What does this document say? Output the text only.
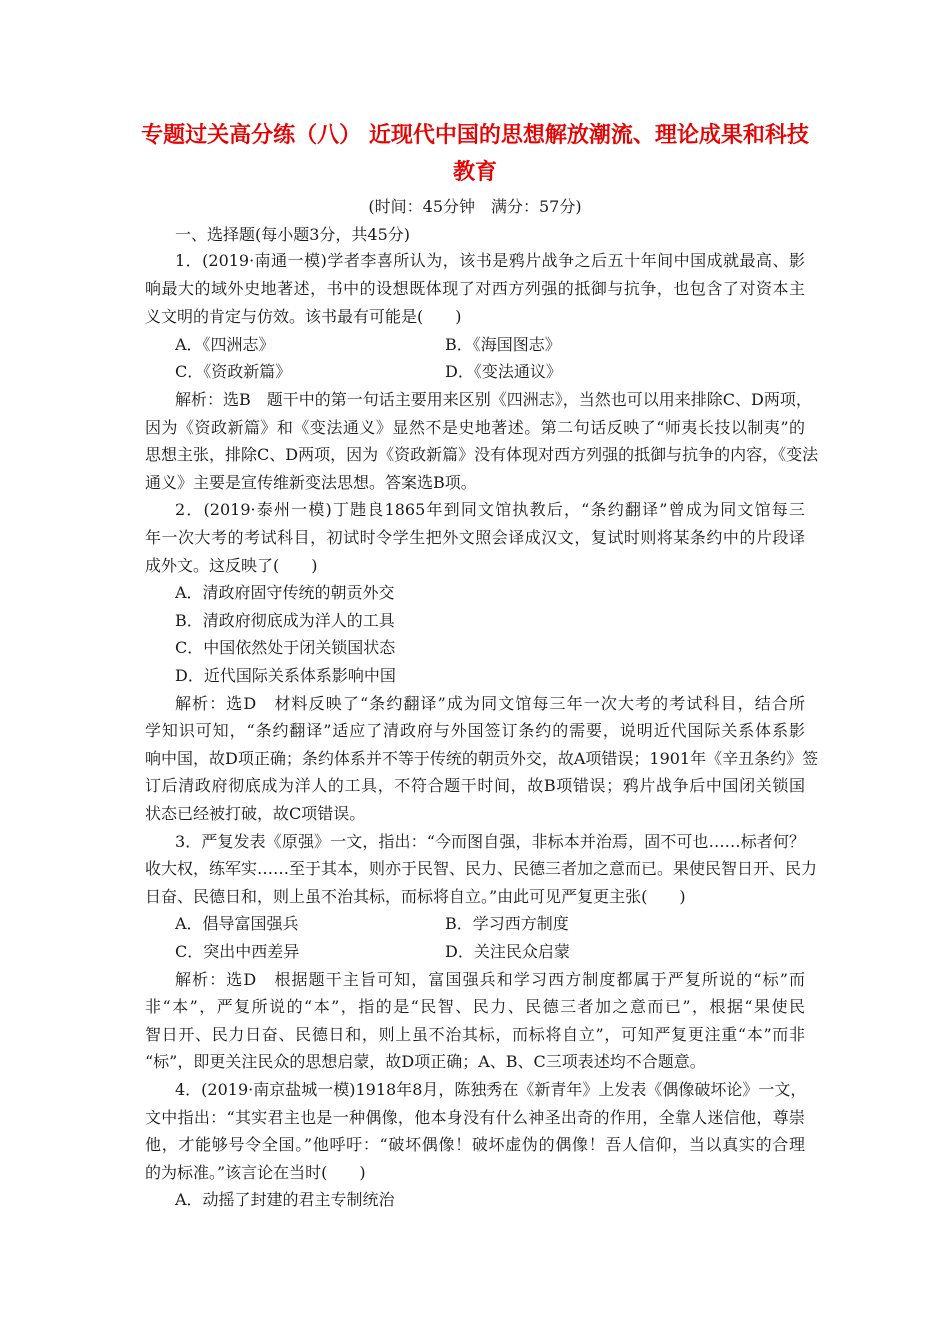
专题过关高分练（八） 近现代中国的思想解放潮流、理论成果和科技
教育
(时间：45分钟　满分：57分)
一、选择题(每小题3分，共45分)
1．(2019·南通一模)学者李喜所认为，该书是鸦片战争之后五十年间中国成就最高、影
响最大的域外史地著述，书中的设想既体现了对西方列强的抵御与抗争，也包含了对资本主
义文明的肯定与仿效。该书最有可能是(　　)
A．《四洲志》	B．《海国图志》
C．《资政新篇》	D．《变法通议》
解析：选B　题干中的第一句话主要用来区别《四洲志》，当然也可以用来排除C、D两项，
因为《资政新篇》和《变法通义》显然不是史地著述。第二句话反映了“师夷长技以制夷”的
思想主张，排除C、D两项，因为《资政新篇》没有体现对西方列强的抵御与抗争的内容，《变法
通义》主要是宣传维新变法思想。答案选B项。
2．(2019·泰州一模)丁韪良1865年到同文馆执教后，“条约翻译”曾成为同文馆每三
年一次大考的考试科目，初试时令学生把外文照会译成汉文，复试时则将某条约中的片段译
成外文。这反映了(　　)
A．清政府固守传统的朝贡外交
B．清政府彻底成为洋人的工具
C．中国依然处于闭关锁国状态
D．近代国际关系体系影响中国
解析：选D　材料反映了“条约翻译”成为同文馆每三年一次大考的考试科目，结合所
学知识可知，“条约翻译”适应了清政府与外国签订条约的需要，说明近代国际关系体系影
响中国，故D项正确；条约体系并不等于传统的朝贡外交，故A项错误；1901年《辛丑条约》签
订后清政府彻底成为洋人的工具，不符合题干时间，故B项错误；鸦片战争后中国闭关锁国
状态已经被打破，故C项错误。
3．严复发表《原强》一文，指出：“今而图自强，非标本并治焉，固不可也……标者何？
收大权，练军实……至于其本，则亦于民智、民力、民德三者加之意而已。果使民智日开、民力
日奋、民德日和，则上虽不治其标，而标将自立。”由此可见严复更主张(　　)
A．倡导富国强兵	B．学习西方制度
C．突出中西差异	D．关注民众启蒙
解析：选D　根据题干主旨可知，富国强兵和学习西方制度都属于严复所说的“标”而
非“本”，严复所说的“本”，指的是“民智、民力、民德三者加之意而已”，根据“果使民
智日开、民力日奋、民德日和，则上虽不治其标，而标将自立”，可知严复更注重“本”而非
“标”，即更关注民众的思想启蒙，故D项正确；A、B、C三项表述均不合题意。
4．(2019·南京盐城一模)1918年8月，陈独秀在《新青年》上发表《偶像破坏论》一文，
文中指出：“其实君主也是一种偶像，他本身没有什么神圣出奇的作用，全靠人迷信他，尊崇
他，才能够号令全国。”他呼吁：“破坏偶像！破坏虚伪的偶像！吾人信仰，当以真实的合理
的为标准。”该言论在当时(　　)
A．动摇了封建的君主专制统治
